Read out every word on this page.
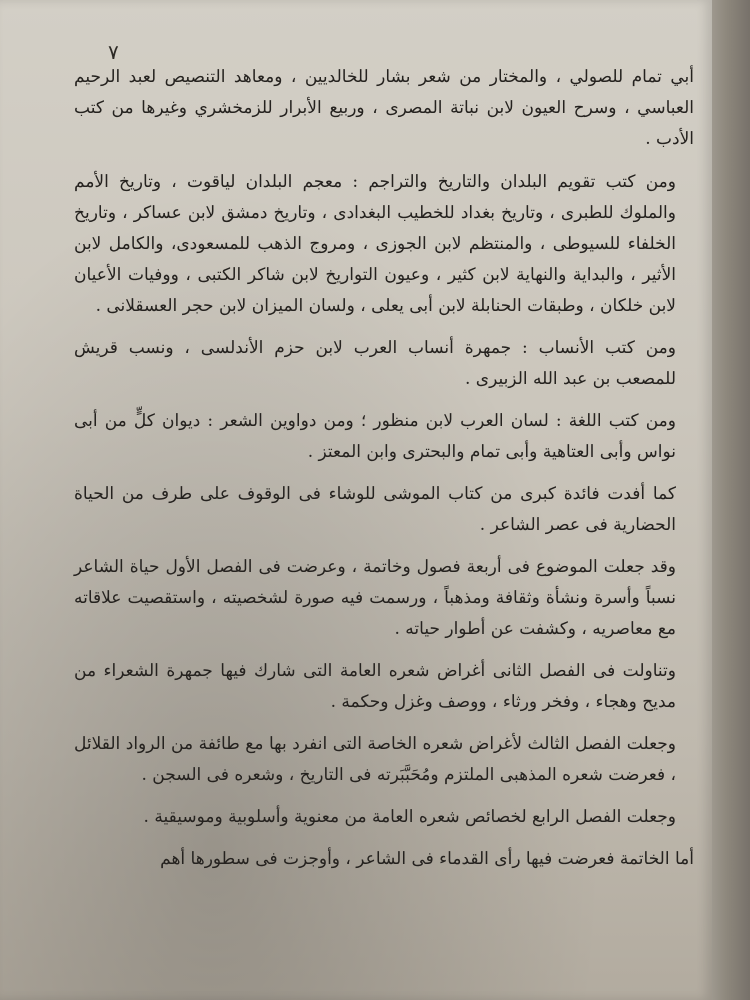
٧

أبي تمام للصولي ، والمختار من شعر بشار للخالديين ، ومعاهد التنصيص لعبد الرحيم العباسي ، وسرح العيون لابن نباتة المصرى ، وربيع الأبرار للزمخشري وغيرها من كتب الأدب .

ومن كتب تقويم البلدان والتاريخ والتراجم : معجم البلدان لياقوت ، وتاريخ الأمم والملوك للطبرى ، وتاريخ بغداد للخطيب البغدادى ، وتاريخ دمشق لابن عساكر ، وتاريخ الخلفاء للسيوطى ، والمنتظم لابن الجوزى ، ومروج الذهب للمسعودى، والكامل لابن الأثير ، والبداية والنهاية لابن كثير ، وعيون التواريخ لابن شاكر الكتبى ، ووفيات الأعيان لابن خلكان ، وطبقات الحنابلة لابن أبى يعلى ، ولسان الميزان لابن حجر العسقلانى .

ومن كتب الأنساب : جمهرة أنساب العرب لابن حزم الأندلسى ، ونسب قريش للمصعب بن عبد الله الزبيرى .

ومن كتب اللغة : لسان العرب لابن منظور ؛ ومن دواوين الشعر : ديوان كلٍّ من أبى نواس وأبى العتاهية وأبى تمام والبحترى وابن المعتز .

كما أفدت فائدة كبرى من كتاب الموشى للوشاء فى الوقوف على طرف من الحياة الحضارية فى عصر الشاعر .

وقد جعلت الموضوع فى أربعة فصول وخاتمة ، وعرضت فى الفصل الأول حياة الشاعر نسباً وأسرة ونشأة وثقافة ومذهباً ، ورسمت فيه صورة لشخصيته ، واستقصيت علاقاته مع معاصريه ، وكشفت عن أطوار حياته .

وتناولت فى الفصل الثانى أغراض شعره العامة التى شارك فيها جمهرة الشعراء من مديح وهجاء ، وفخر ورثاء ، ووصف وغزل وحكمة .

وجعلت الفصل الثالث لأغراض شعره الخاصة التى انفرد بها مع طائفة من الرواد القلائل ، فعرضت شعره المذهبى الملتزم ومُحَبَّبَرته فى التاريخ ، وشعره فى السجن .

وجعلت الفصل الرابع لخصائص شعره العامة من معنوية وأسلوبية وموسيقية .

أما الخاتمة فعرضت فيها رأى القدماء فى الشاعر ، وأوجزت فى سطورها أهم
